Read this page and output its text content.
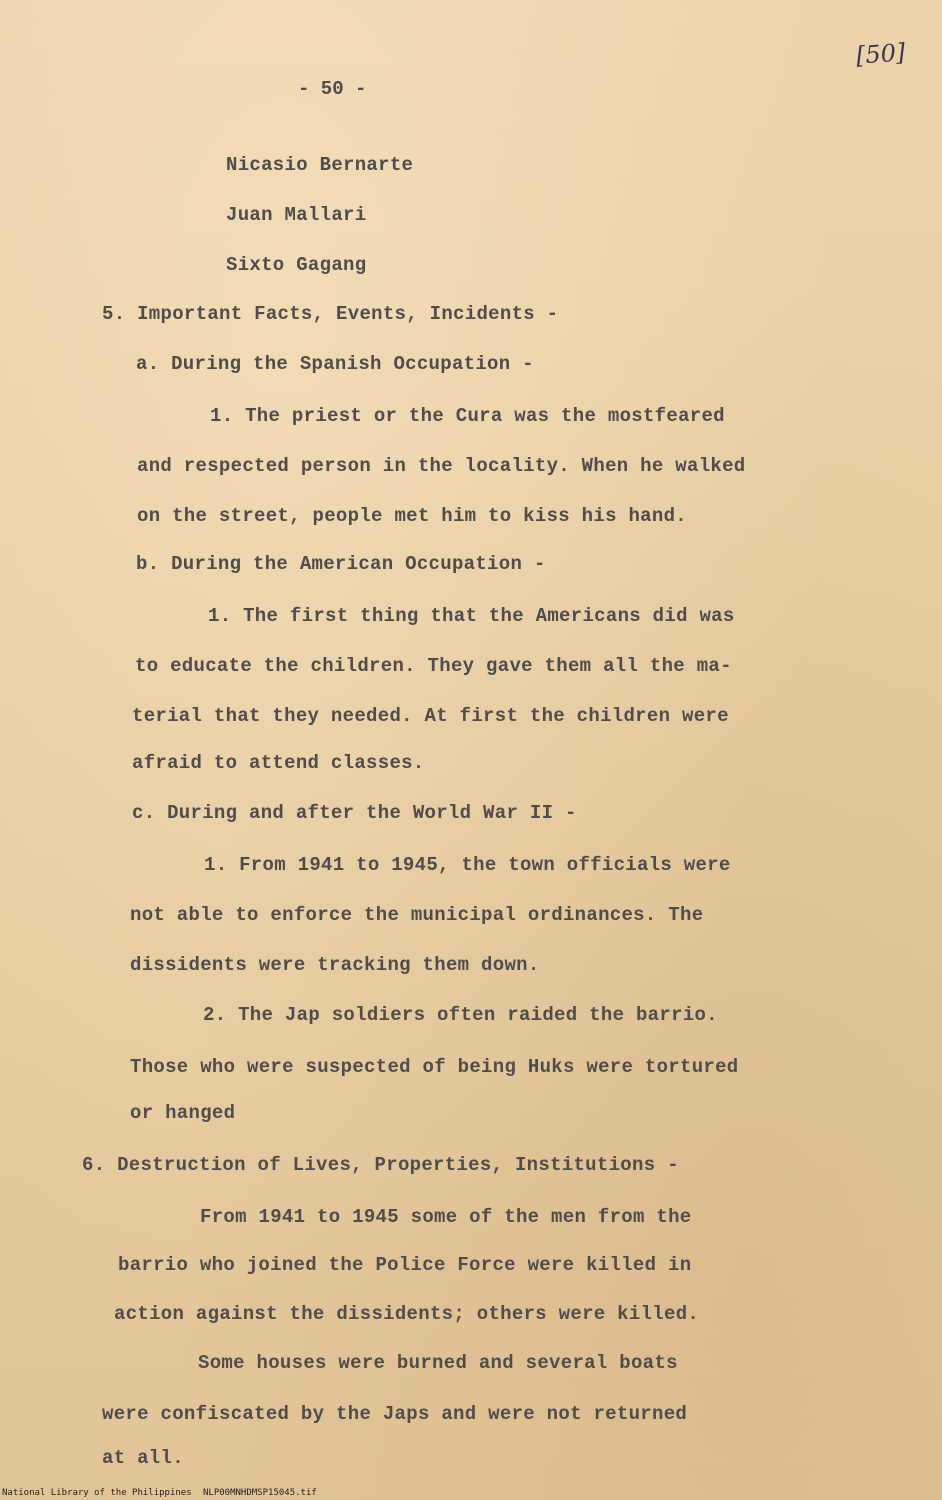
[50]
- 50 -
Nicasio Bernarte
Juan Mallari
Sixto Gagang
5. Important Facts, Events, Incidents -
a. During the Spanish Occupation -
1. The priest or the Cura was the mostfeared
and respected person in the locality. When he walked
on the street, people met him to kiss his hand.
b. During the American Occupation -
1. The first thing that the Americans did was
to educate the children. They gave them all the ma-
terial that they needed. At first the children were
afraid to attend classes.
c. During and after the World War II -
1. From 1941 to 1945, the town officials were
not able to enforce the municipal ordinances. The
dissidents were tracking them down.
2. The Jap soldiers often raided the barrio.
Those who were suspected of being Huks were tortured
or hanged
6. Destruction of Lives, Properties, Institutions -
From 1941 to 1945 some of the men from the
barrio who joined the Police Force were killed in
action against the dissidents; others were killed.
Some houses were burned and several boats
were confiscated by the Japs and were not returned
at all.
National Library of the Philippines NLP00MNHDMSP15045.tif
